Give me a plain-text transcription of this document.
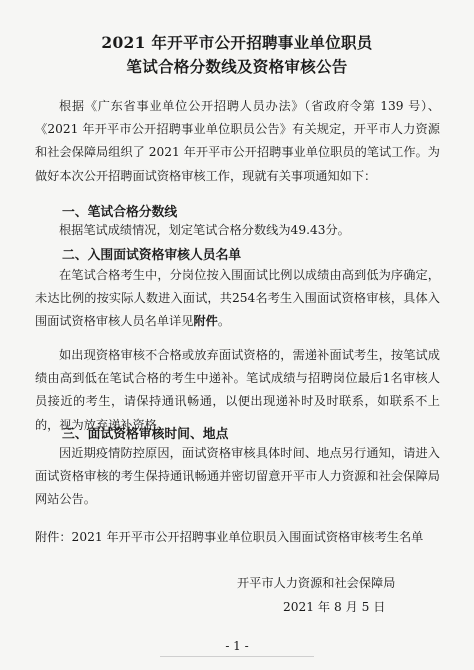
2021 年开平市公开招聘事业单位职员
笔试合格分数线及资格审核公告

根据《广东省事业单位公开招聘人员办法》（省政府令第 139 号）、《2021 年开平市公开招聘事业单位职员公告》有关规定，开平市人力资源和社会保障局组织了 2021 年开平市公开招聘事业单位职员的笔试工作。为做好本次公开招聘面试资格审核工作，现就有关事项通知如下：

一、笔试合格分数线

根据笔试成绩情况，划定笔试合格分数线为49.43分。

二、入围面试资格审核人员名单

在笔试合格考生中，分岗位按入围面试比例以成绩由高到低为序确定，未达比例的按实际人数进入面试，共254名考生入围面试资格审核，具体入围面试资格审核人员名单详见附件。

如出现资格审核不合格或放弃面试资格的，需递补面试考生，按笔试成绩由高到低在笔试合格的考生中递补。笔试成绩与招聘岗位最后1名审核人员接近的考生，请保持通讯畅通，以便出现递补时及时联系，如联系不上的，视为放弃递补资格。

三、面试资格审核时间、地点

因近期疫情防控原因，面试资格审核具体时间、地点另行通知，请进入面试资格审核的考生保持通讯畅通并密切留意开平市人力资源和社会保障局网站公告。

附件：2021 年开平市公开招聘事业单位职员入围面试资格审核考生名单
开平市人力资源和社会保障局
2021 年 8 月 5 日
- 1 -
